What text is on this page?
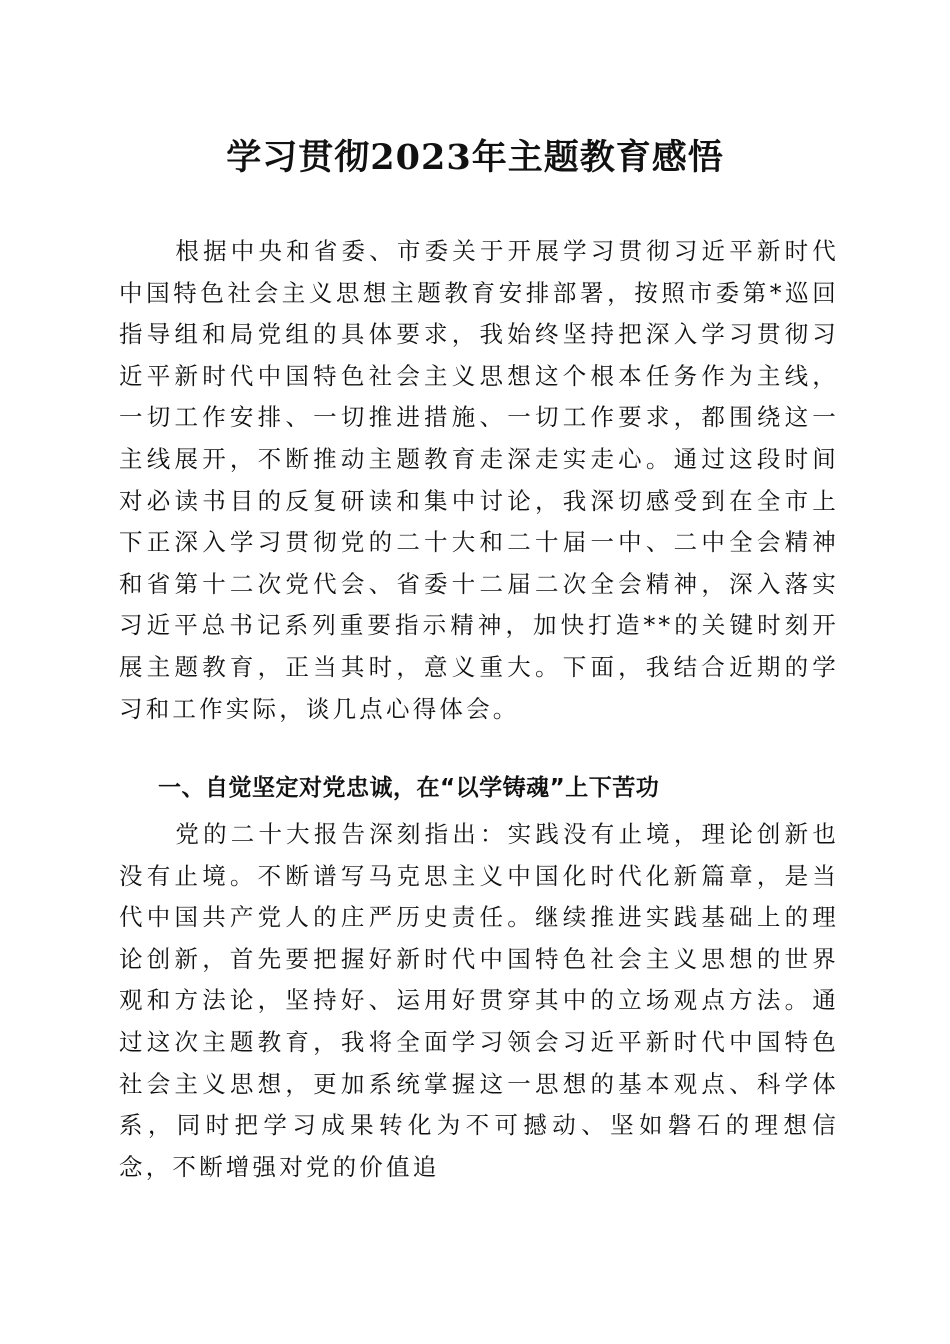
学习贯彻2023年主题教育感悟

根据中央和省委、市委关于开展学习贯彻习近平新时代中国特色社会主义思想主题教育安排部署，按照市委第*巡回指导组和局党组的具体要求，我始终坚持把深入学习贯彻习近平新时代中国特色社会主义思想这个根本任务作为主线，一切工作安排、一切推进措施、一切工作要求，都围绕这一主线展开，不断推动主题教育走深走实走心。通过这段时间对必读书目的反复研读和集中讨论，我深切感受到在全市上下正深入学习贯彻党的二十大和二十届一中、二中全会精神和省第十二次党代会、省委十二届二次全会精神，深入落实习近平总书记系列重要指示精神，加快打造**的关键时刻开展主题教育，正当其时，意义重大。下面，我结合近期的学习和工作实际，谈几点心得体会。

一、自觉坚定对党忠诚，在“以学铸魂”上下苦功

党的二十大报告深刻指出：实践没有止境，理论创新也没有止境。不断谱写马克思主义中国化时代化新篇章，是当代中国共产党人的庄严历史责任。继续推进实践基础上的理论创新，首先要把握好新时代中国特色社会主义思想的世界观和方法论，坚持好、运用好贯穿其中的立场观点方法。通过这次主题教育，我将全面学习领会习近平新时代中国特色社会主义思想，更加系统掌握这一思想的基本观点、科学体系，同时把学习成果转化为不可撼动、坚如磐石的理想信念，不断增强对党的价值追
